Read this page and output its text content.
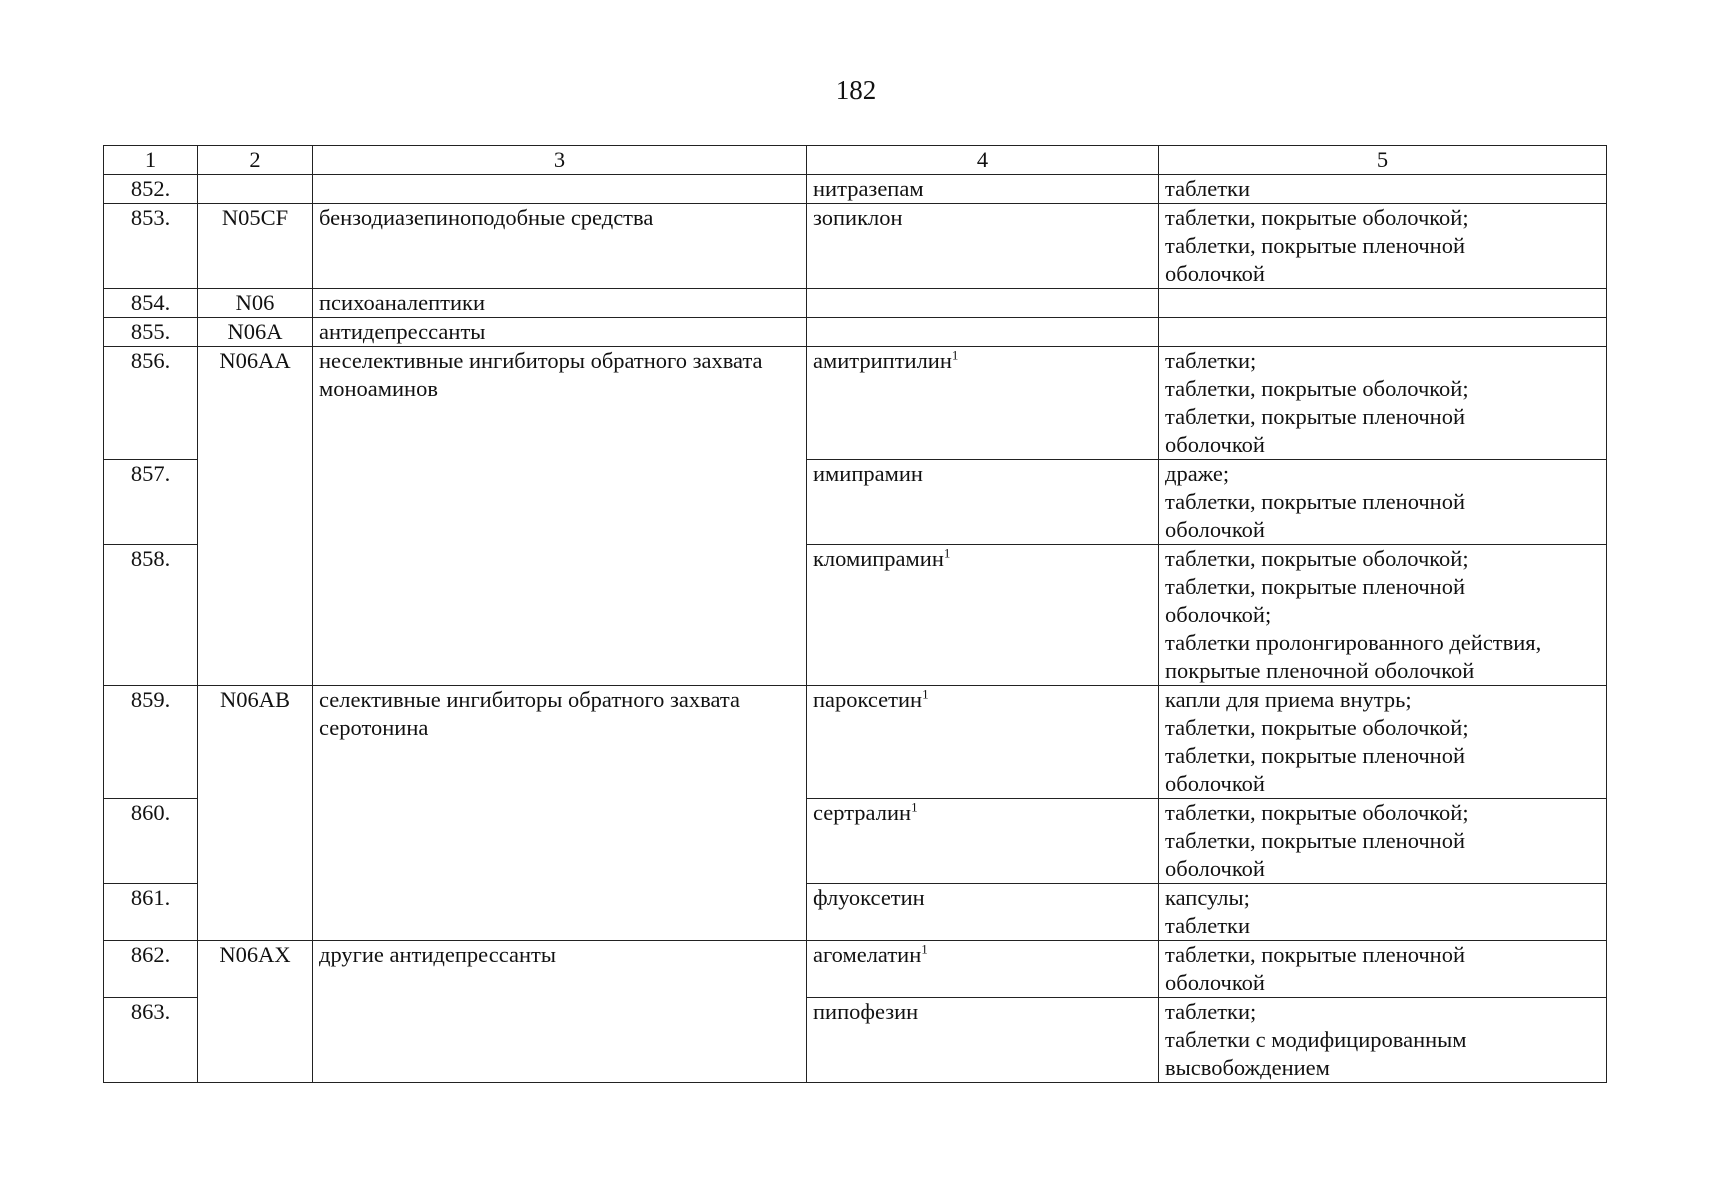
182
1	2	3	4	5
852.			нитразепам	таблетки

853.	N05CF	бензодиазепиноподобные средства	зопиклон	таблетки, покрытые оболочкой;
таблетки, покрытые пленочной
оболочкой

854.	N06	психоаналептики		
855.	N06A	антидепрессанты		
856.	N06AA	неселективные ингибиторы обратного захвата моноаминов	амитриптилин$^1$	таблетки;
таблетки, покрытые оболочкой;
таблетки, покрытые пленочной
оболочкой

857.			имипрамин	драже;
таблетки, покрытые пленочной
оболочкой

858.			кломипрамин$^1$	таблетки, покрытые оболочкой;
таблетки, покрытые пленочной
оболочкой;
таблетки пролонгированного действия,
покрытые пленочной оболочкой

859.	N06AB	селективные ингибиторы обратного захвата серотонина	пароксетин$^1$	капли для приема внутрь;
таблетки, покрытые оболочкой;
таблетки, покрытые пленочной
оболочкой

860.			сертралин$^1$	таблетки, покрытые оболочкой;
таблетки, покрытые пленочной
оболочкой

861.			флуоксетин	капсулы;
таблетки

862.	N06AX	другие антидепрессанты	агомелатин$^1$	таблетки, покрытые пленочной
оболочкой

863.			пипофезин	таблетки;
таблетки с модифицированным
высвобождением
